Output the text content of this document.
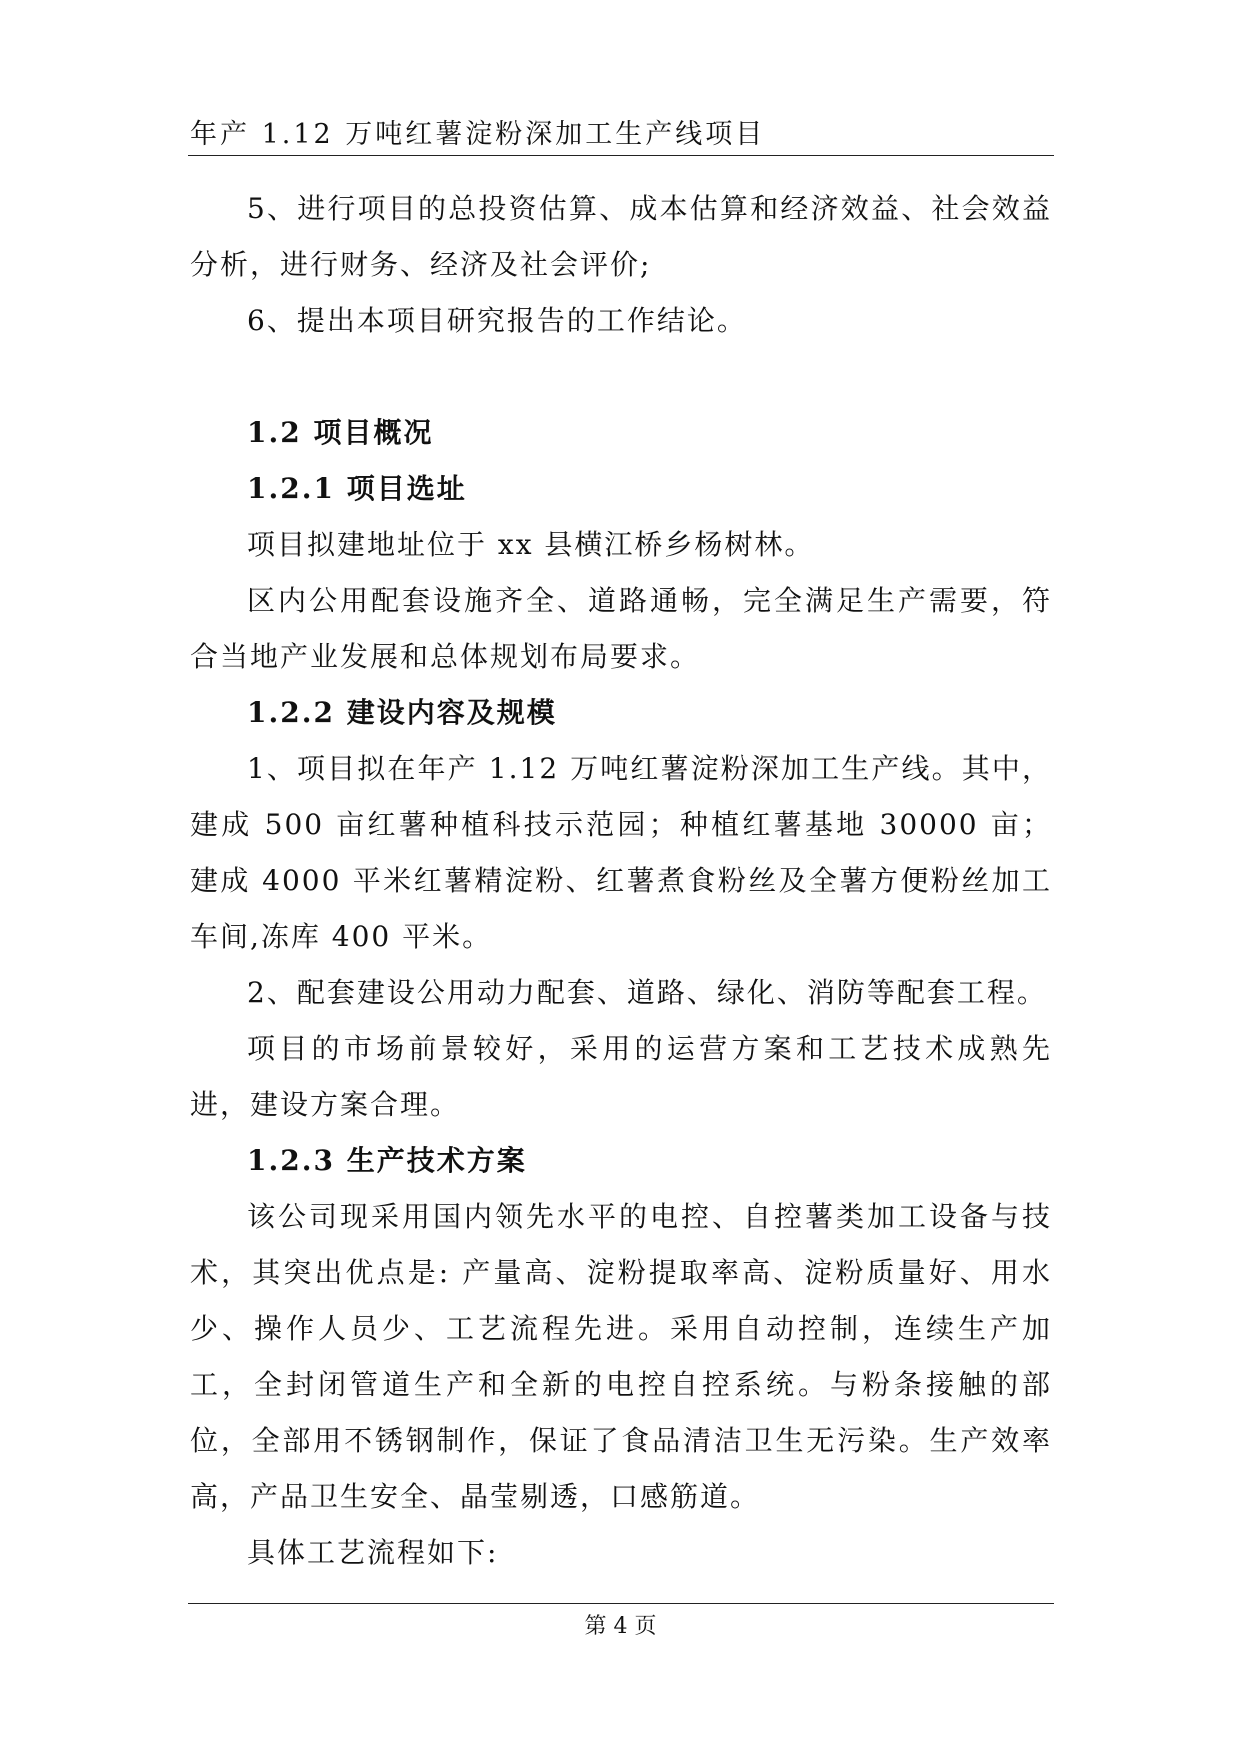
年产 1.12 万吨红薯淀粉深加工生产线项目

5、进行项目的总投资估算、成本估算和经济效益、社会效益分析，进行财务、经济及社会评价;

6、提出本项目研究报告的工作结论。

1.2 项目概况

1.2.1 项目选址

项目拟建地址位于 xx 县横江桥乡杨树林。

区内公用配套设施齐全、道路通畅，完全满足生产需要，符合当地产业发展和总体规划布局要求。

1.2.2 建设内容及规模

1、项目拟在年产 1.12 万吨红薯淀粉深加工生产线。其中，建成 500 亩红薯种植科技示范园；种植红薯基地 30000 亩；建成 4000 平米红薯精淀粉、红薯煮食粉丝及全薯方便粉丝加工车间,冻库 400 平米。

2、配套建设公用动力配套、道路、绿化、消防等配套工程。

项目的市场前景较好，采用的运营方案和工艺技术成熟先进，建设方案合理。

1.2.3 生产技术方案

该公司现采用国内领先水平的电控、自控薯类加工设备与技术，其突出优点是: 产量高、淀粉提取率高、淀粉质量好、用水少、操作人员少、工艺流程先进。采用自动控制，连续生产加工，全封闭管道生产和全新的电控自控系统。与粉条接触的部位，全部用不锈钢制作，保证了食品清洁卫生无污染。生产效率高，产品卫生安全、晶莹剔透，口感筋道。

具体工艺流程如下:

第 4 页
